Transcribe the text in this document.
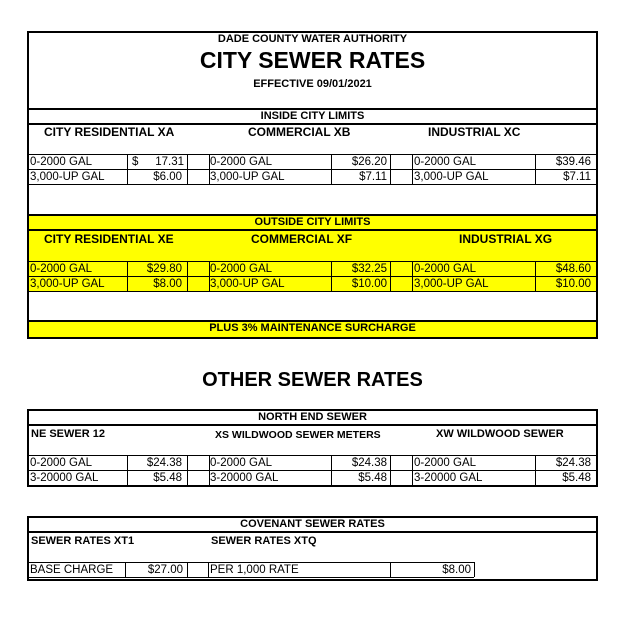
DADE COUNTY WATER AUTHORITY
CITY SEWER RATES
EFFECTIVE 09/01/2021
INSIDE CITY LIMITS
CITY RESIDENTIAL XA	COMMERCIAL XB	INDUSTRIAL XC
0-2000 GAL	$	17.31 0-2000 GAL	$26.20 0-2000 GAL	$39.46
3,000-UP GAL	$6.00 3,000-UP GAL	$7.11 3,000-UP GAL	$7.11
OUTSIDE CITY LIMITS
CITY RESIDENTIAL XE	COMMERCIAL XF	INDUSTRIAL XG
0-2000 GAL	$29.80 0-2000 GAL	$32.25 0-2000 GAL	$48.60
3,000-UP GAL	$8.00 3,000-UP GAL	$10.00 3,000-UP GAL	$10.00
PLUS 3% MAINTENANCE SURCHARGE
OTHER SEWER RATES
NORTH END SEWER
NE SEWER 12	XS WILDWOOD SEWER METERS	XW WILDWOOD SEWER
0-2000 GAL	$24.38 0-2000 GAL	$24.38 0-2000 GAL	$24.38
3-20000 GAL	$5.48 3-20000 GAL	$5.48 3-20000 GAL	$5.48
COVENANT SEWER RATES
SEWER RATES XT1	SEWER RATES XTQ
BASE CHARGE	$27.00 PER 1,000 RATE	$8.00
